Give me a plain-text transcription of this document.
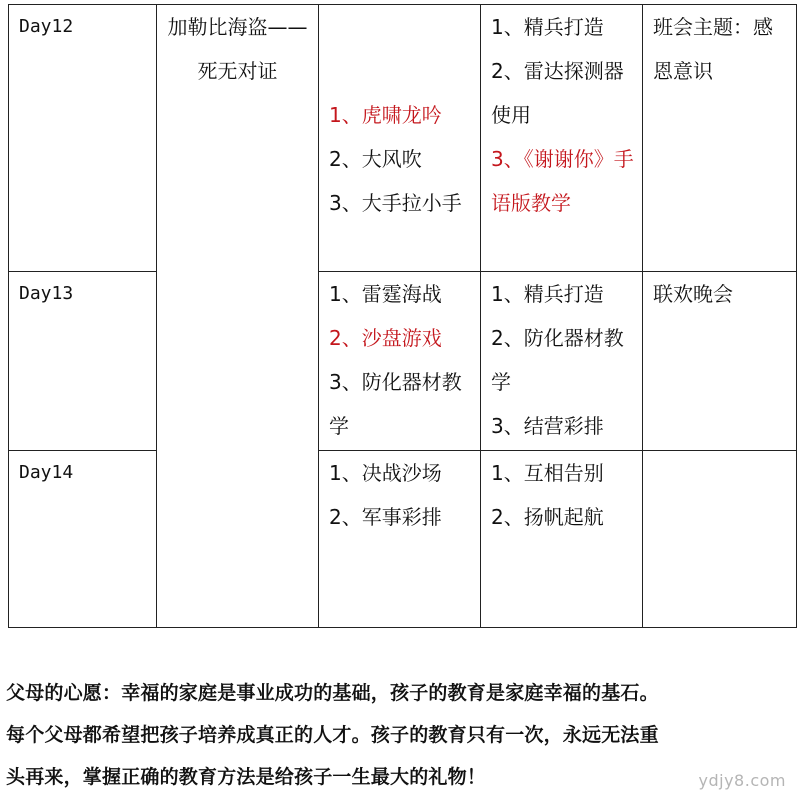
Day12	加勒比海盗——死无对证	1、虎啸龙吟
2、大风吹
3、大手拉小手	1、精兵打造
2、雷达探测器使用
3、《谢谢你》手语版教学	班会主题：感恩意识

Day13		1、雷霆海战
2、沙盘游戏
3、防化器材教学	1、精兵打造
2、防化器材教学
3、结营彩排	联欢晚会

Day14		1、决战沙场
2、军事彩排	1、互相告别
2、扬帆起航	

父母的心愿：幸福的家庭是事业成功的基础，孩子的教育是家庭幸福的基石。
每个父母都希望把孩子培养成真正的人才。孩子的教育只有一次，永远无法重
头再来，掌握正确的教育方法是给孩子一生最大的礼物！	ydjy8.com
